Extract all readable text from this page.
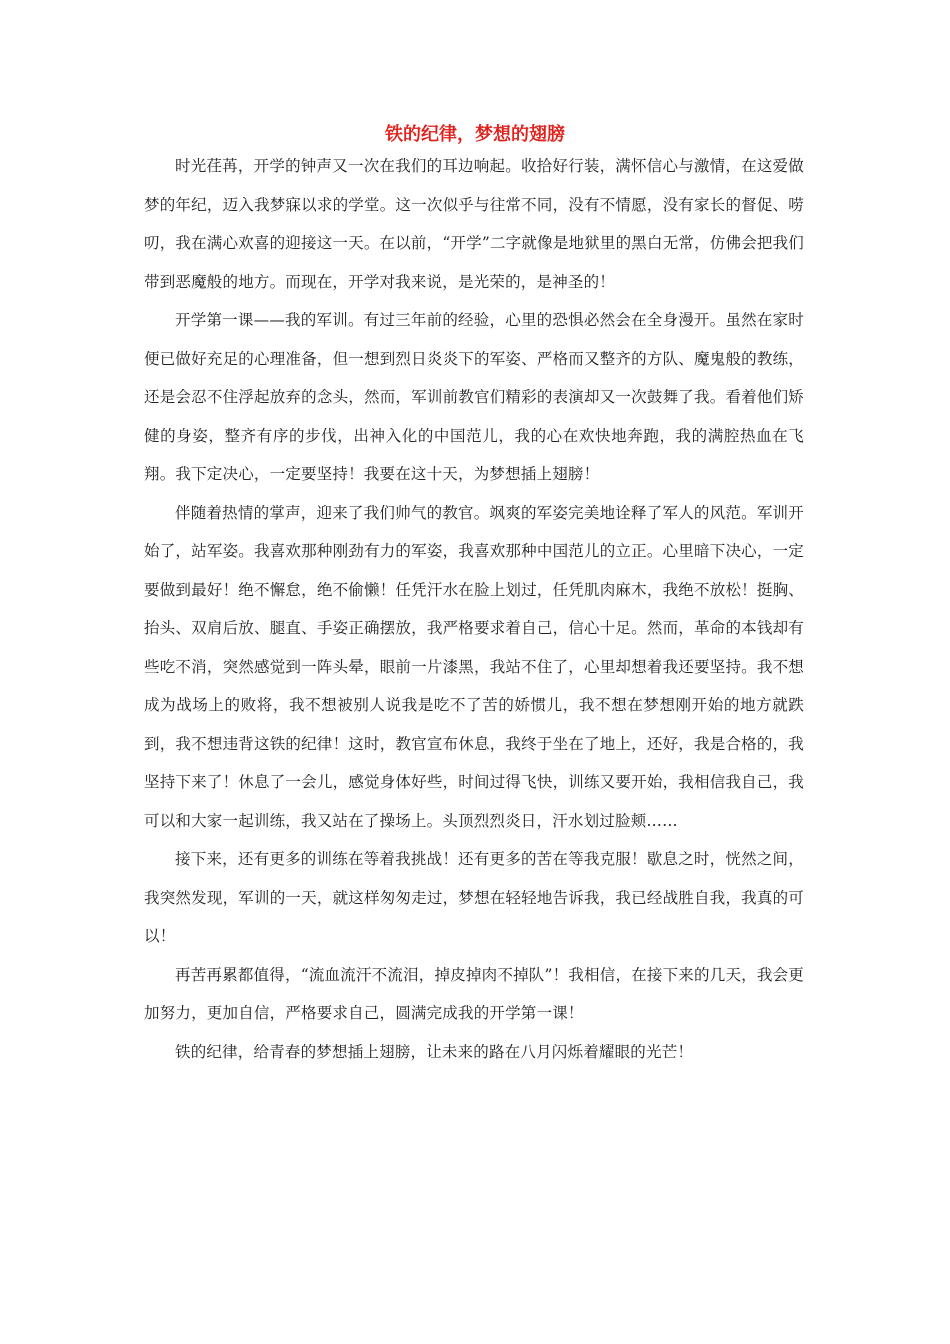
铁的纪律，梦想的翅膀

时光荏苒，开学的钟声又一次在我们的耳边响起。收拾好行装，满怀信心与激情，在这爱做梦的年纪，迈入我梦寐以求的学堂。这一次似乎与往常不同，没有不情愿，没有家长的督促、唠叨，我在满心欢喜的迎接这一天。在以前，“开学”二字就像是地狱里的黑白无常，仿佛会把我们带到恶魔般的地方。而现在，开学对我来说，是光荣的，是神圣的！

开学第一课——我的军训。有过三年前的经验，心里的恐惧必然会在全身漫开。虽然在家时便已做好充足的心理准备，但一想到烈日炎炎下的军姿、严格而又整齐的方队、魔鬼般的教练，还是会忍不住浮起放弃的念头，然而，军训前教官们精彩的表演却又一次鼓舞了我。看着他们矫健的身姿，整齐有序的步伐，出神入化的中国范儿，我的心在欢快地奔跑，我的满腔热血在飞翔。我下定决心，一定要坚持！我要在这十天，为梦想插上翅膀！

伴随着热情的掌声，迎来了我们帅气的教官。飒爽的军姿完美地诠释了军人的风范。军训开始了，站军姿。我喜欢那种刚劲有力的军姿，我喜欢那种中国范儿的立正。心里暗下决心，一定要做到最好！绝不懈怠，绝不偷懒！任凭汗水在脸上划过，任凭肌肉麻木，我绝不放松！挺胸、抬头、双肩后放、腿直、手姿正确摆放，我严格要求着自己，信心十足。然而，革命的本钱却有些吃不消，突然感觉到一阵头晕，眼前一片漆黑，我站不住了，心里却想着我还要坚持。我不想成为战场上的败将，我不想被别人说我是吃不了苦的娇惯儿，我不想在梦想刚开始的地方就跌到，我不想违背这铁的纪律！这时，教官宣布休息，我终于坐在了地上，还好，我是合格的，我坚持下来了！休息了一会儿，感觉身体好些，时间过得飞快，训练又要开始，我相信我自己，我可以和大家一起训练，我又站在了操场上。头顶烈烈炎日，汗水划过脸颊……

接下来，还有更多的训练在等着我挑战！还有更多的苦在等我克服！歇息之时，恍然之间，我突然发现，军训的一天，就这样匆匆走过，梦想在轻轻地告诉我，我已经战胜自我，我真的可以！

再苦再累都值得，“流血流汗不流泪，掉皮掉肉不掉队”！我相信，在接下来的几天，我会更加努力，更加自信，严格要求自己，圆满完成我的开学第一课！

铁的纪律，给青春的梦想插上翅膀，让未来的路在八月闪烁着耀眼的光芒！
